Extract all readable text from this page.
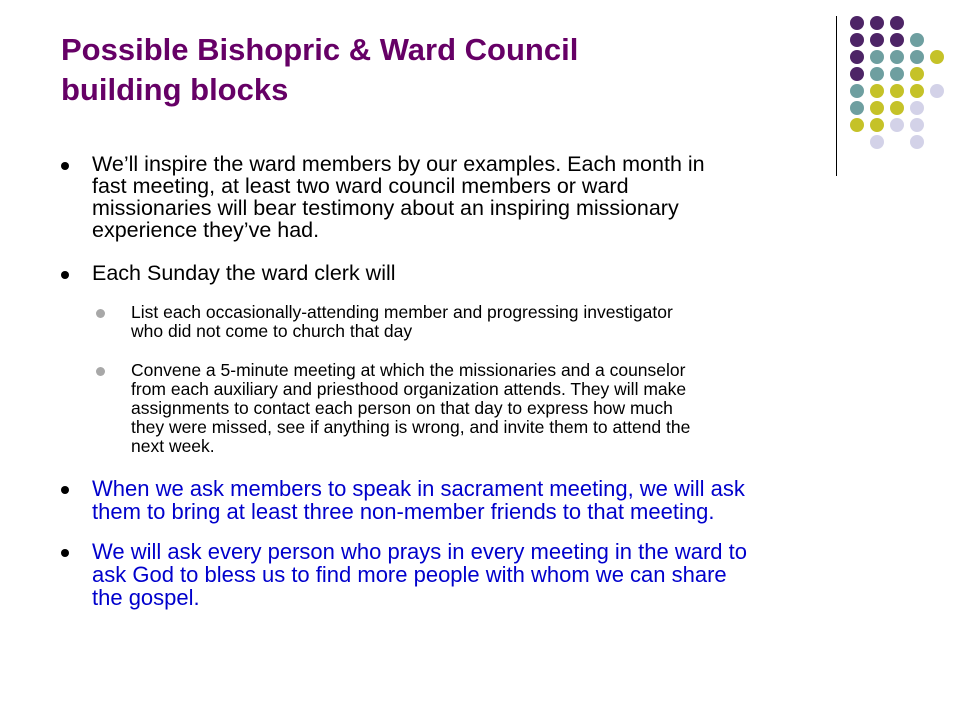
Possible Bishopric & Ward Council
building blocks
We’ll inspire the ward members by our examples. Each month in
fast meeting, at least two ward council members or ward
missionaries will bear testimony about an inspiring missionary
experience they’ve had.
Each Sunday the ward clerk will
List each occasionally-attending member and progressing investigator
who did not come to church that day
Convene a 5-minute meeting at which the missionaries and a counselor
from each auxiliary and priesthood organization attends. They will make
assignments to contact each person on that day to express how much
they were missed, see if anything is wrong, and invite them to attend the
next week.
When we ask members to speak in sacrament meeting, we will ask
them to bring at least three non-member friends to that meeting.
We will ask every person who prays in every meeting in the ward to
ask God to bless us to find more people with whom we can share
the gospel.
